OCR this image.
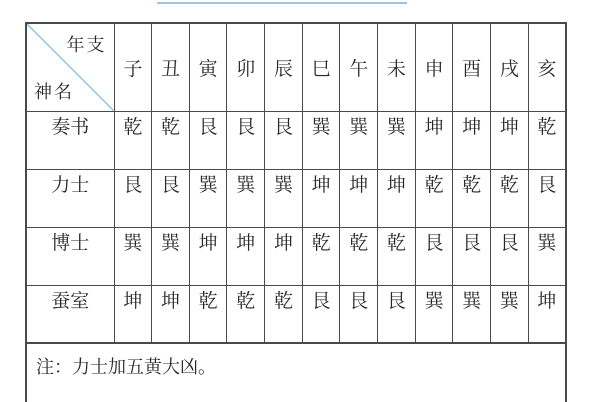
年支
神名	子	丑	寅	卯	辰	巳	午	未	申	酉	戌	亥
奏书	乾	乾	艮	艮	艮	巽	巽	巽	坤	坤	坤	乾
力士	艮	艮	巽	巽	巽	坤	坤	坤	乾	乾	乾	艮
博士	巽	巽	坤	坤	坤	乾	乾	乾	艮	艮	艮	巽
蚕室	坤	坤	乾	乾	乾	艮	艮	艮	巽	巽	巽	坤
注：力士加五黄大凶。
